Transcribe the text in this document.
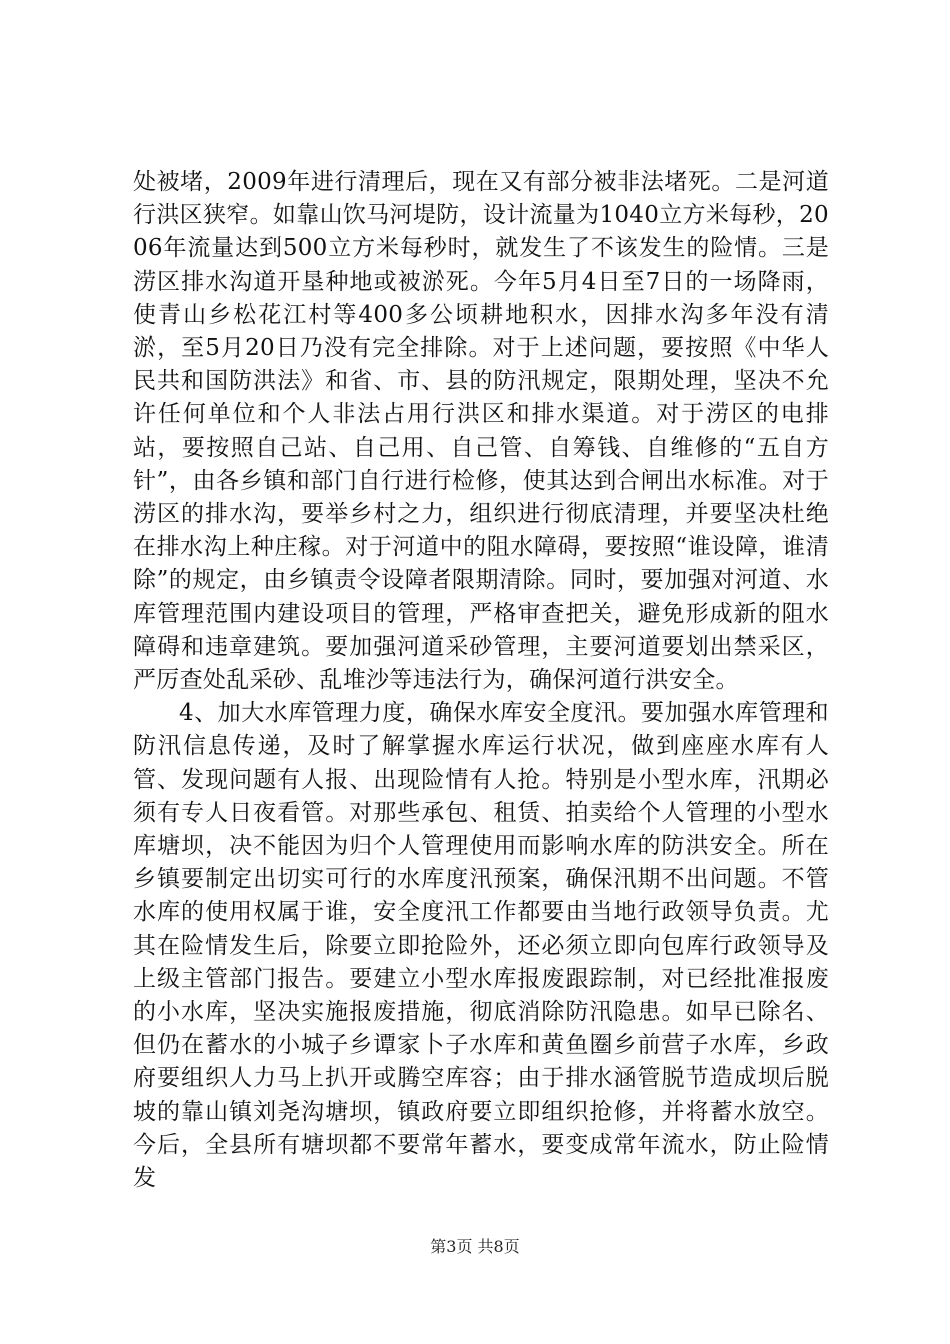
处被堵，2009年进行清理后，现在又有部分被非法堵死。二是河道行洪区狭窄。如靠山饮马河堤防，设计流量为1040立方米每秒，2006年流量达到500立方米每秒时，就发生了不该发生的险情。三是涝区排水沟道开垦种地或被淤死。今年5月4日至7日的一场降雨，使青山乡松花江村等400多公顷耕地积水，因排水沟多年没有清淤，至5月20日乃没有完全排除。对于上述问题，要按照《中华人民共和国防洪法》和省、市、县的防汛规定，限期处理，坚决不允许任何单位和个人非法占用行洪区和排水渠道。对于涝区的电排站，要按照自己站、自己用、自己管、自筹钱、自维修的“五自方针”，由各乡镇和部门自行进行检修，使其达到合闸出水标准。对于涝区的排水沟，要举乡村之力，组织进行彻底清理，并要坚决杜绝在排水沟上种庄稼。对于河道中的阻水障碍，要按照“谁设障，谁清除”的规定，由乡镇责令设障者限期清除。同时，要加强对河道、水库管理范围内建设项目的管理，严格审查把关，避免形成新的阻水障碍和违章建筑。要加强河道采砂管理，主要河道要划出禁采区，严厉查处乱采砂、乱堆沙等违法行为，确保河道行洪安全。

4、加大水库管理力度，确保水库安全度汛。要加强水库管理和防汛信息传递，及时了解掌握水库运行状况，做到座座水库有人管、发现问题有人报、出现险情有人抢。特别是小型水库，汛期必须有专人日夜看管。对那些承包、租赁、拍卖给个人管理的小型水库塘坝，决不能因为归个人管理使用而影响水库的防洪安全。所在乡镇要制定出切实可行的水库度汛预案，确保汛期不出问题。不管水库的使用权属于谁，安全度汛工作都要由当地行政领导负责。尤其在险情发生后，除要立即抢险外，还必须立即向包库行政领导及上级主管部门报告。要建立小型水库报废跟踪制，对已经批准报废的小水库，坚决实施报废措施，彻底消除防汛隐患。如早已除名、但仍在蓄水的小城子乡谭家卜子水库和黄鱼圈乡前营子水库，乡政府要组织人力马上扒开或腾空库容；由于排水涵管脱节造成坝后脱坡的靠山镇刘尧沟塘坝，镇政府要立即组织抢修，并将蓄水放空。今后，全县所有塘坝都不要常年蓄水，要变成常年流水，防止险情发

第3页 共8页
